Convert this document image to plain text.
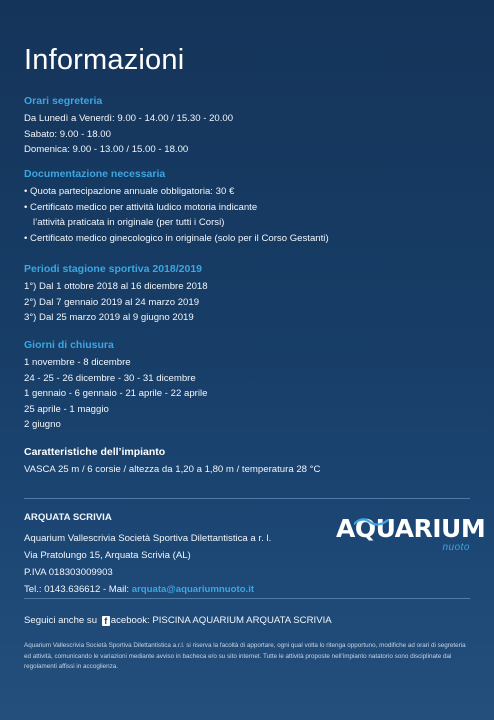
Informazioni
Orari segreteria
Da Lunedì a Venerdì: 9.00 - 14.00 / 15.30 - 20.00
Sabato: 9.00 - 18.00
Domenica: 9.00 - 13.00 / 15.00 - 18.00
Documentazione necessaria
• Quota partecipazione annuale obbligatoria: 30 €
• Certificato medico per attività ludico motoria indicante
l’attività praticata in originale (per tutti i Corsi)
• Certificato medico ginecologico in originale (solo per il Corso Gestanti)
Periodi stagione sportiva 2018/2019
1°) Dal 1 ottobre 2018 al 16 dicembre 2018
2°) Dal 7 gennaio 2019 al 24 marzo 2019
3°) Dal 25 marzo 2019 al 9 giugno 2019
Giorni di chiusura
1 novembre - 8 dicembre
24 - 25 - 26 dicembre - 30 - 31 dicembre
1 gennaio - 6 gennaio - 21 aprile - 22 aprile
25 aprile - 1 maggio
2 giugno
Caratteristiche dell’impianto
VASCA 25 m / 6 corsie / altezza da 1,20 a 1,80 m / temperatura 28 °C
ARQUATA SCRIVIA
Aquarium Vallescrivia Società Sportiva Dilettantistica a r. l.
Via Pratolungo 15, Arquata Scrivia (AL)
P.IVA 018303009903
Tel.: 0143.636612 - Mail: arquata@aquariumnuoto.it
AQUARIUM
nuoto
Seguici anche su f acebook: PISCINA AQUARIUM ARQUATA SCRIVIA
Aquarium Vallescrivia Società Sportiva Dilettantistica a.r.l. si riserva la facoltà di apportare, ogni qual volta lo ritenga opportuno, modifiche ad orari di segreteria ed attività, comunicando le variazioni mediante avviso in bacheca e/o su sito internet. Tutte le attività proposte nell’impianto natatorio sono disciplinate dai regolamenti affissi in accoglienza.
